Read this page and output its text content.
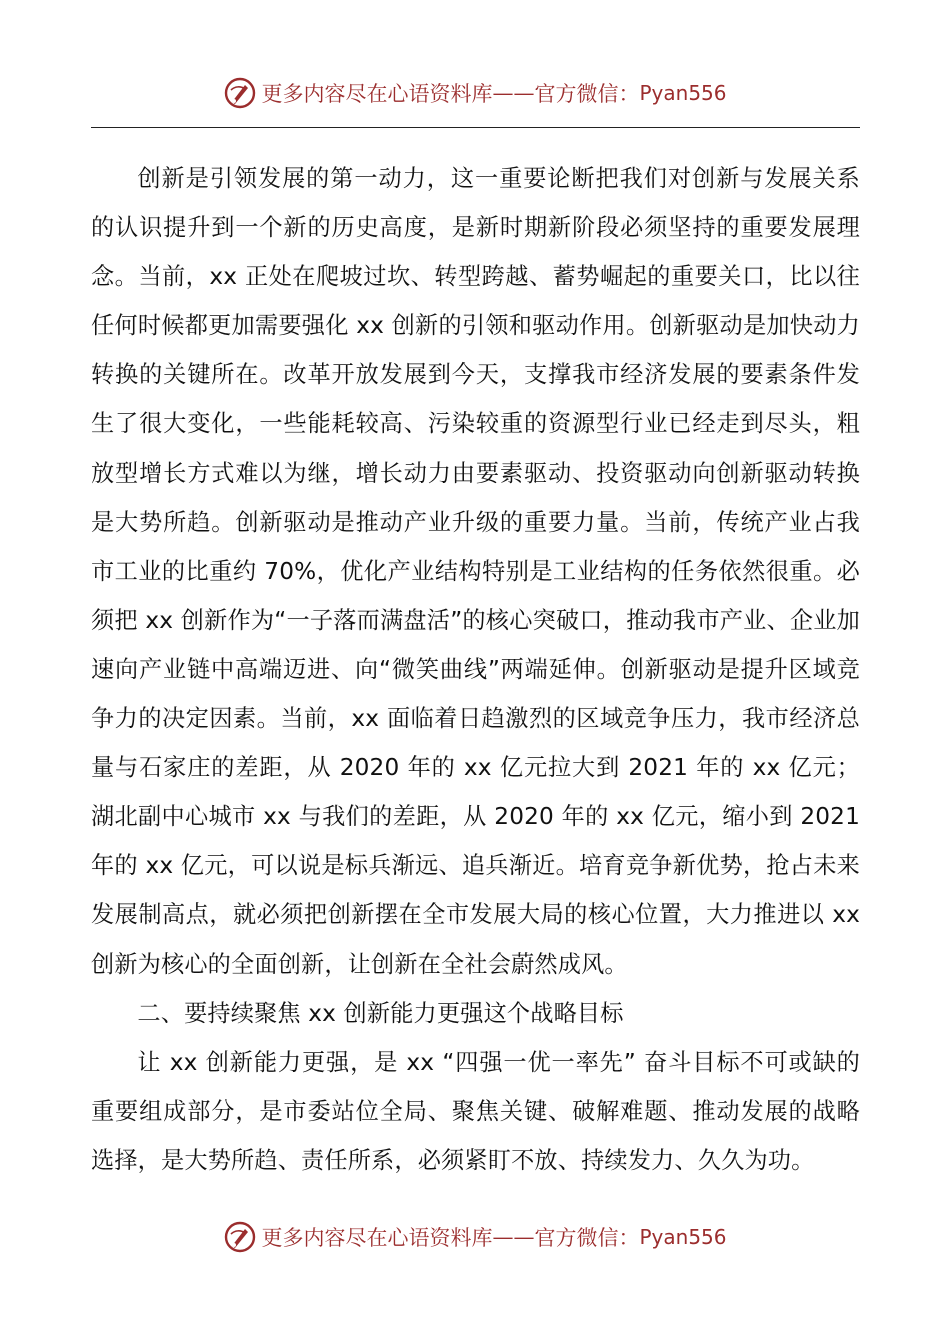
更多内容尽在心语资料库 —— 官方微信： Pyan556

创新是引领发展的第一动力，这一重要论断把我们对创新与发展关系的认识提升到一个新的历史高度，是新时期新阶段必须坚持的重要发展理念。当前，xx 正处在爬坡过坎、转型跨越、蓄势崛起的重要关口，比以往任何时候都更加需要强化 xx 创新的引领和驱动作用。创新驱动是加快动力转换的关键所在。改革开放发展到今天，支撑我市经济发展的要素条件发生了很大变化，一些能耗较高、污染较重的资源型行业已经走到尽头，粗放型增长方式难以为继，增长动力由要素驱动、投资驱动向创新驱动转换是大势所趋。创新驱动是推动产业升级的重要力量。当前，传统产业占我市工业的比重约 70%，优化产业结构特别是工业结构的任务依然很重。必须把 xx 创新作为“一子落而满盘活”的核心突破口，推动我市产业、企业加速向产业链中高端迈进、向“微笑曲线”两端延伸。创新驱动是提升区域竞争力的决定因素。当前，xx 面临着日趋激烈的区域竞争压力，我市经济总量与石家庄的差距，从 2020 年的 xx 亿元拉大到 2021 年的 xx 亿元；湖北副中心城市 xx 与我们的差距，从 2020 年的 xx 亿元，缩小到 2021 年的 xx 亿元，可以说是标兵渐远、追兵渐近。培育竞争新优势，抢占未来发展制高点，就必须把创新摆在全市发展大局的核心位置，大力推进以 xx 创新为核心的全面创新，让创新在全社会蔚然成风。

二、要持续聚焦 xx 创新能力更强这个战略目标

让 xx 创新能力更强，是 xx “四强一优一率先” 奋斗目标不可或缺的重要组成部分，是市委站位全局、聚焦关键、破解难题、推动发展的战略选择，是大势所趋、责任所系，必须紧盯不放、持续发力、久久为功。

更多内容尽在心语资料库 —— 官方微信： Pyan556
